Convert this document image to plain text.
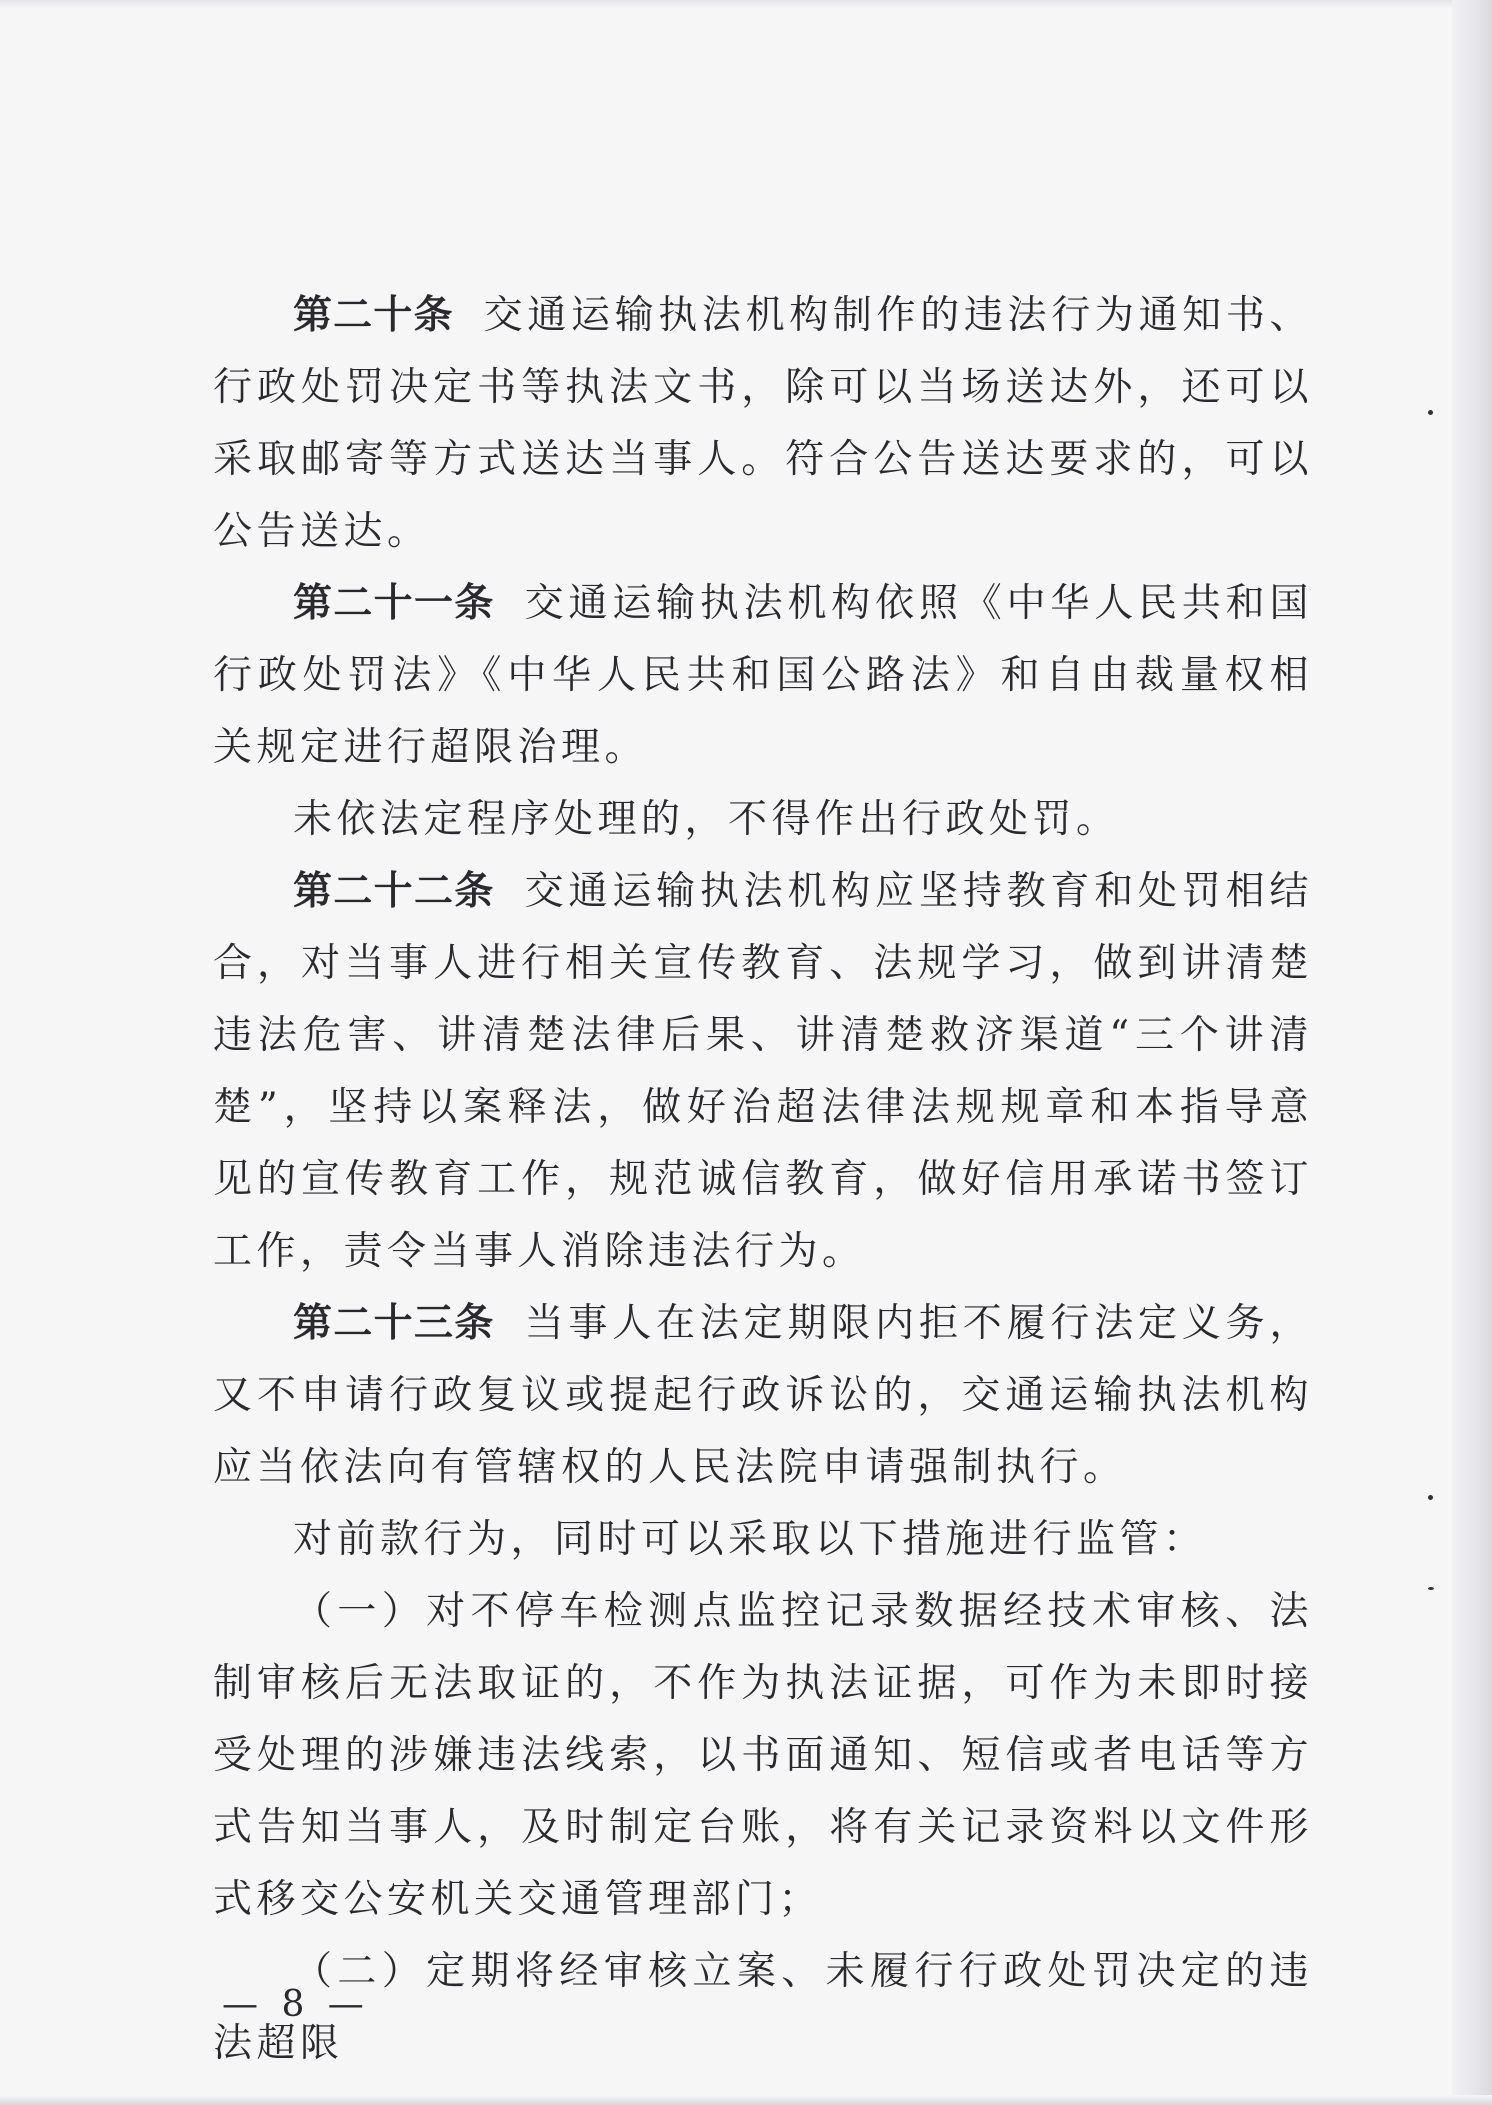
第二十条 交通运输执法机构制作的违法行为通知书、行政处罚决定书等执法文书，除可以当场送达外，还可以采取邮寄等方式送达当事人。符合公告送达要求的，可以公告送达。

第二十一条 交通运输执法机构依照《中华人民共和国行政处罚法》《中华人民共和国公路法》和自由裁量权相关规定进行超限治理。

未依法定程序处理的，不得作出行政处罚。

第二十二条 交通运输执法机构应坚持教育和处罚相结合，对当事人进行相关宣传教育、法规学习，做到讲清楚违法危害、讲清楚法律后果、讲清楚救济渠道“三个讲清楚”，坚持以案释法，做好治超法律法规规章和本指导意见的宣传教育工作，规范诚信教育，做好信用承诺书签订工作，责令当事人消除违法行为。

第二十三条 当事人在法定期限内拒不履行法定义务，又不申请行政复议或提起行政诉讼的，交通运输执法机构应当依法向有管辖权的人民法院申请强制执行。

对前款行为，同时可以采取以下措施进行监管：

（一）对不停车检测点监控记录数据经技术审核、法制审核后无法取证的，不作为执法证据，可作为未即时接受处理的涉嫌违法线索，以书面通知、短信或者电话等方式告知当事人，及时制定台账，将有关记录资料以文件形式移交公安机关交通管理部门；

（二）定期将经审核立案、未履行行政处罚决定的违法超限

— 8 —
